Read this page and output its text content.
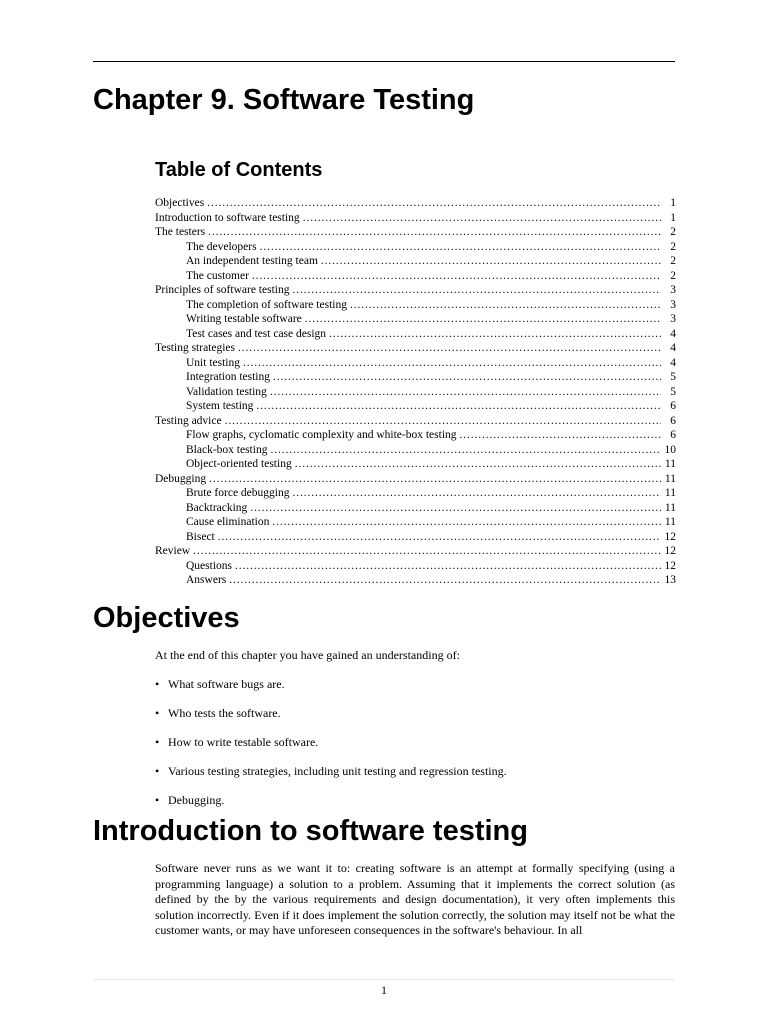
Chapter 9. Software Testing
Table of Contents
Objectives . . .	1
Introduction to software testing . . .	1
The testers . . .	2
The developers . . .	2
An independent testing team . . .	2
The customer . . .	2
Principles of software testing . . .	3
The completion of software testing . . .	3
Writing testable software . . .	3
Test cases and test case design . . .	4
Testing strategies . . .	4
Unit testing . . .	4
Integration testing . . .	5
Validation testing . . .	5
System testing . . .	6
Testing advice . . .	6
Flow graphs, cyclomatic complexity and white-box testing . . .	6
Black-box testing . . .	10
Object-oriented testing . . .	11
Debugging . . .	11
Brute force debugging . . .	11
Backtracking . . .	11
Cause elimination . . .	11
Bisect . . .	12
Review . . .	12
Questions . . .	12
Answers . . .	13
Objectives

At the end of this chapter you have gained an understanding of:

• What software bugs are.
• Who tests the software.
• How to write testable software.
• Various testing strategies, including unit testing and regression testing.
• Debugging.
Introduction to software testing

Software never runs as we want it to: creating software is an attempt at formally specifying (using a programming language) a solution to a problem. Assuming that it implements the correct solution (as defined by the by the various requirements and design documentation), it very often implements this solution incorrectly. Even if it does implement the solution correctly, the solution may itself not be what the customer wants, or may have unforeseen consequences in the software's behaviour. In all

1
